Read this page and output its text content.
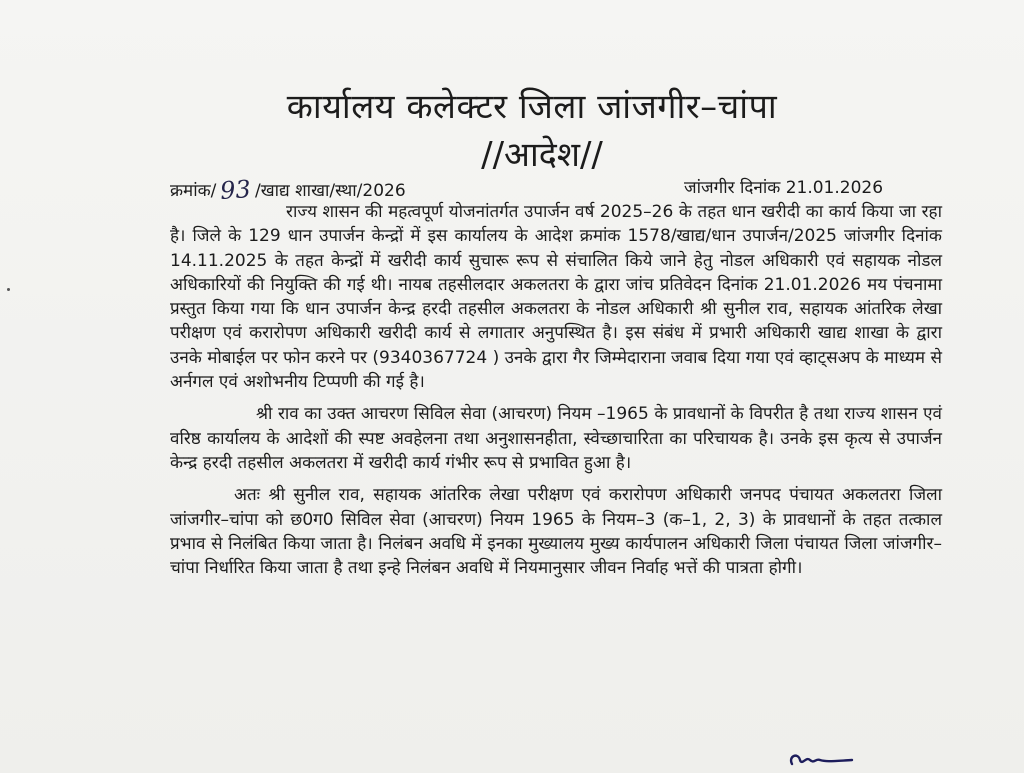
कार्यालय कलेक्टर जिला जांजगीर–चांपा
//आदेश//
क्रमांक/ 93 /खाद्य शाखा/स्था/2026	जांजगीर दिनांक 21.01.2026

राज्य शासन की महत्वपूर्ण योजनांतर्गत उपार्जन वर्ष 2025–26 के तहत धान खरीदी का कार्य किया जा रहा है। जिले के 129 धान उपार्जन केन्द्रों में इस कार्यालय के आदेश क्रमांक 1578/खाद्य/धान उपार्जन/2025 जांजगीर दिनांक 14.11.2025 के तहत केन्द्रों में खरीदी कार्य सुचारू रूप से संचालित किये जाने हेतु नोडल अधिकारी एवं सहायक नोडल अधिकारियों की नियुक्ति की गई थी। नायब तहसीलदार अकलतरा के द्वारा जांच प्रतिवेदन दिनांक 21.01.2026 मय पंचनामा प्रस्तुत किया गया कि धान उपार्जन केन्द्र हरदी तहसील अकलतरा के नोडल अधिकारी श्री सुनील राव, सहायक आंतरिक लेखा परीक्षण एवं करारोपण अधिकारी खरीदी कार्य से लगातार अनुपस्थित है। इस संबंध में प्रभारी अधिकारी खाद्य शाखा के द्वारा उनके मोबाईल पर फोन करने पर (9340367724 ) उनके द्वारा गैर जिम्मेदाराना जवाब दिया गया एवं व्हाट्सअप के माध्यम से अर्नगल एवं अशोभनीय टिप्पणी की गई है।

श्री राव का उक्त आचरण सिविल सेवा (आचरण) नियम –1965 के प्रावधानों के विपरीत है तथा राज्य शासन एवं वरिष्ठ कार्यालय के आदेशों की स्पष्ट अवहेलना तथा अनुशासनहीता, स्वेच्छाचारिता का परिचायक है। उनके इस कृत्य से उपार्जन केन्द्र हरदी तहसील अकलतरा में खरीदी कार्य गंभीर रूप से प्रभावित हुआ है।

अतः श्री सुनील राव, सहायक आंतरिक लेखा परीक्षण एवं करारोपण अधिकारी जनपद पंचायत अकलतरा जिला जांजगीर–चांपा को छ0ग0 सिविल सेवा (आचरण) नियम 1965 के नियम–3 (क–1, 2, 3) के प्रावधानों के तहत तत्काल प्रभाव से निलंबित किया जाता है। निलंबन अवधि में इनका मुख्यालय मुख्य कार्यपालन अधिकारी जिला पंचायत जिला जांजगीर–चांपा निर्धारित किया जाता है तथा इन्हे निलंबन अवधि में नियमानुसार जीवन निर्वाह भत्तें की पात्रता होगी।
